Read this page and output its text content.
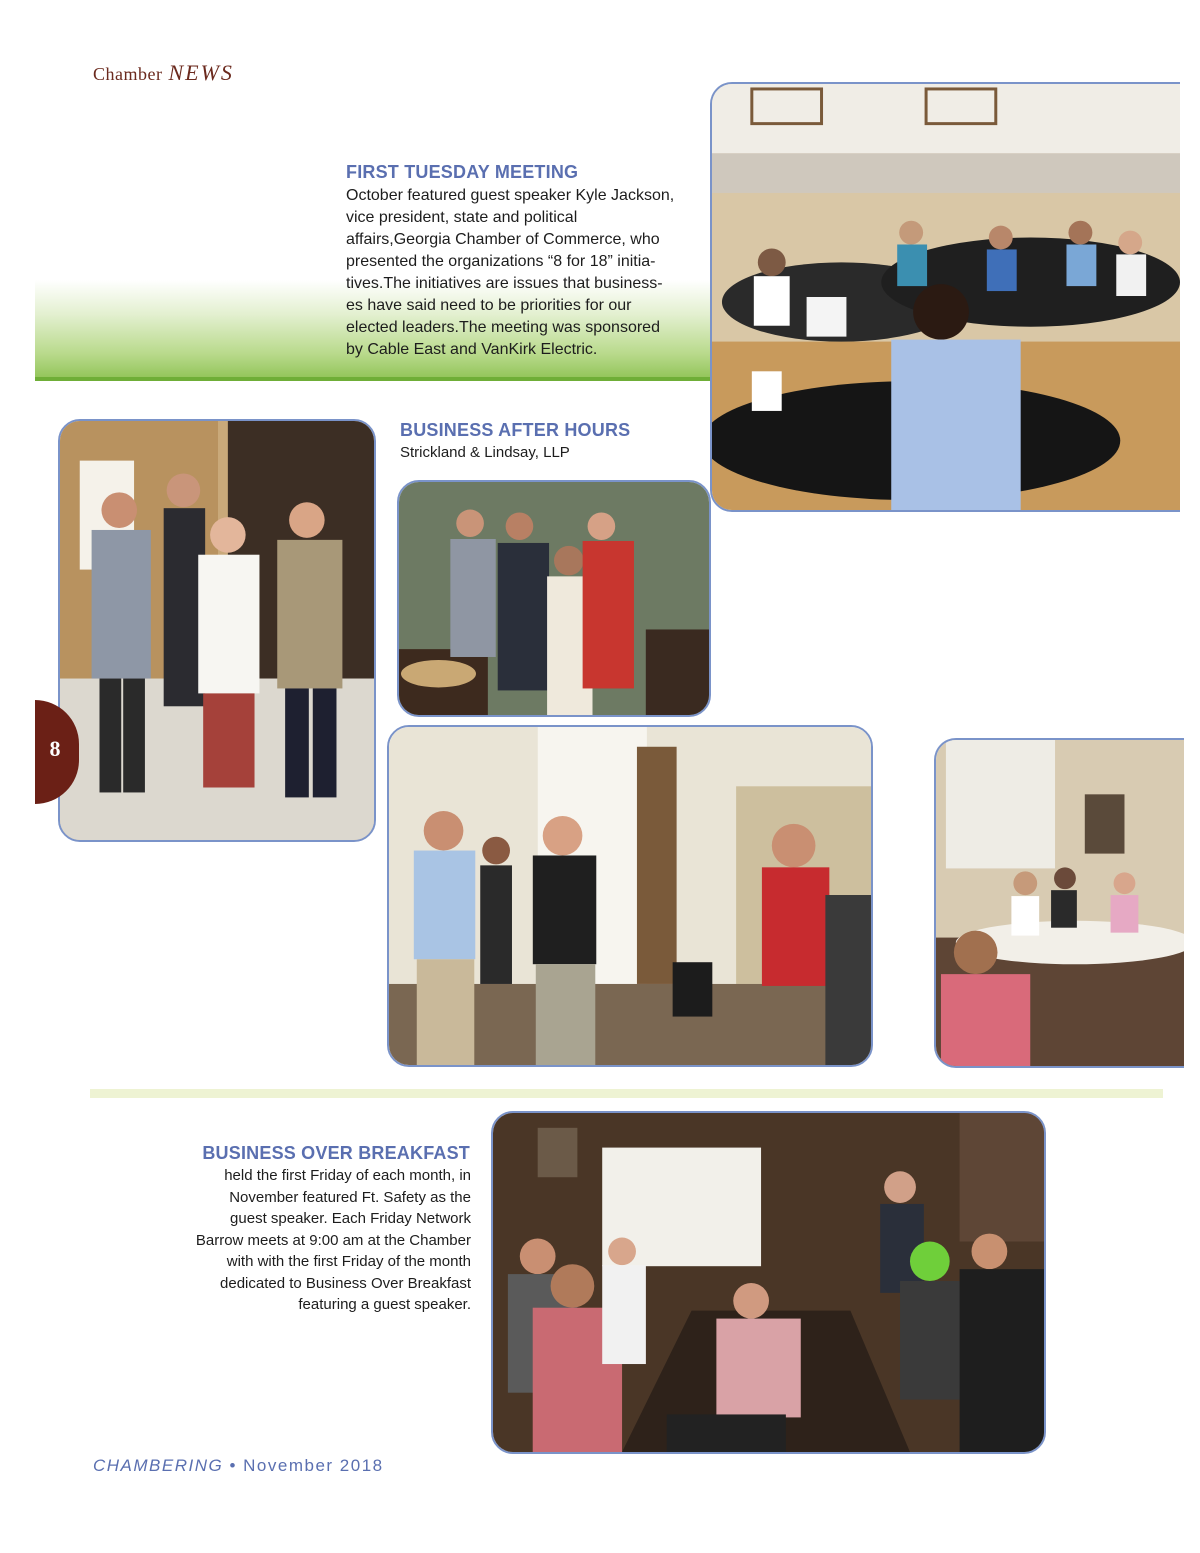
Chamber NEWS
FIRST TUESDAY MEETING
October featured guest speaker Kyle Jackson,
vice president, state and political
affairs,Georgia Chamber of Commerce, who
presented the organizations “8 for 18” initia-
tives.The initiatives are issues that business-
es have said need to be priorities for our
elected leaders.The meeting was sponsored
by Cable East and VanKirk Electric.
BUSINESS AFTER HOURS
Strickland & Lindsay, LLP
8
BUSINESS OVER BREAKFAST
held the first Friday of each month, in
November featured Ft. Safety as the
guest speaker. Each Friday Network
Barrow meets at 9:00 am at the Chamber
with with the first Friday of the month
dedicated to Business Over Breakfast
featuring a guest speaker.
CHAMBERING • November 2018
